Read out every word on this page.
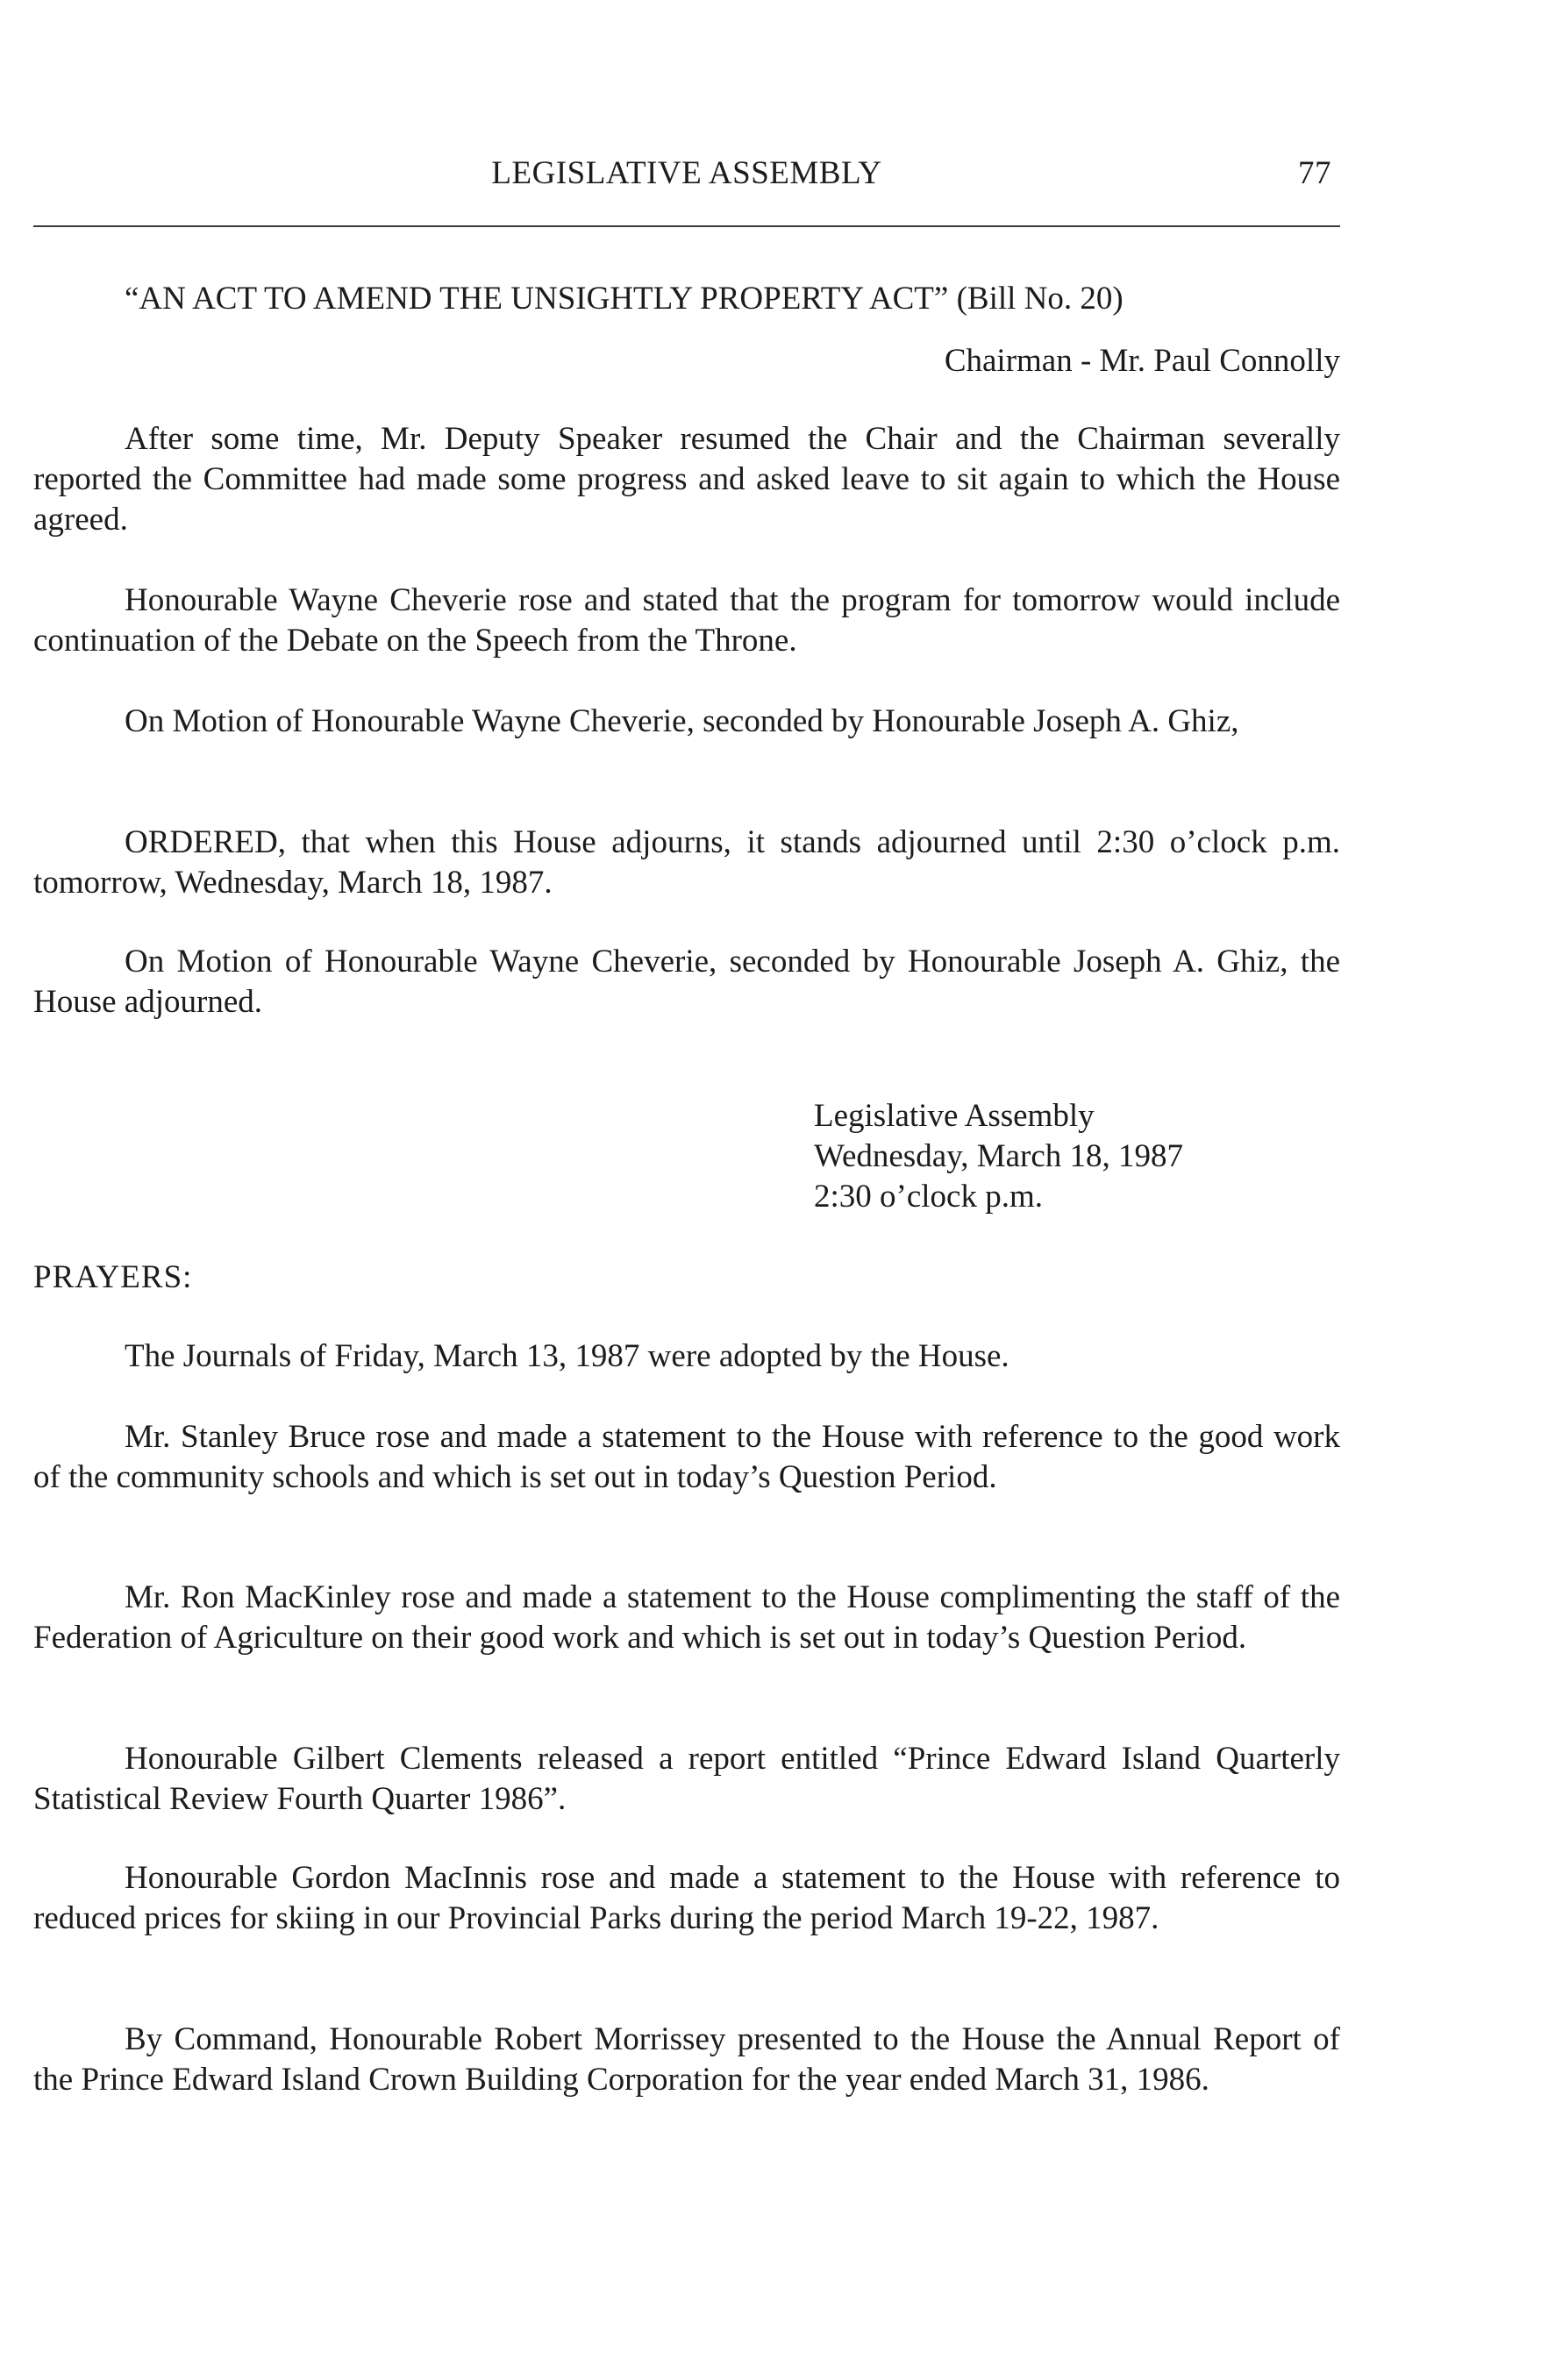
LEGISLATIVE ASSEMBLY	77

“AN ACT TO AMEND THE UNSIGHTLY PROPERTY ACT” (Bill No. 20)

Chairman - Mr. Paul Connolly

After some time, Mr. Deputy Speaker resumed the Chair and the Chairman severally reported the Committee had made some progress and asked leave to sit again to which the House agreed.

Honourable Wayne Cheverie rose and stated that the program for tomorrow would include continuation of the Debate on the Speech from the Throne.

On Motion of Honourable Wayne Cheverie, seconded by Honourable Joseph A. Ghiz,

ORDERED, that when this House adjourns, it stands adjourned until 2:30 o’clock p.m. tomorrow, Wednesday, March 18, 1987.

On Motion of Honourable Wayne Cheverie, seconded by Honourable Joseph A. Ghiz, the House adjourned.

Legislative Assembly
Wednesday, March 18, 1987
2:30 o’clock p.m.
PRAYERS:

The Journals of Friday, March 13, 1987 were adopted by the House.

Mr. Stanley Bruce rose and made a statement to the House with reference to the good work of the community schools and which is set out in today’s Question Period.

Mr. Ron MacKinley rose and made a statement to the House complimenting the staff of the Federation of Agriculture on their good work and which is set out in today’s Question Period.

Honourable Gilbert Clements released a report entitled “Prince Edward Island Quarterly Statistical Review Fourth Quarter 1986”.

Honourable Gordon MacInnis rose and made a statement to the House with reference to reduced prices for skiing in our Provincial Parks during the period March 19-22, 1987.

By Command, Honourable Robert Morrissey presented to the House the Annual Report of the Prince Edward Island Crown Building Corporation for the year ended March 31, 1986.
